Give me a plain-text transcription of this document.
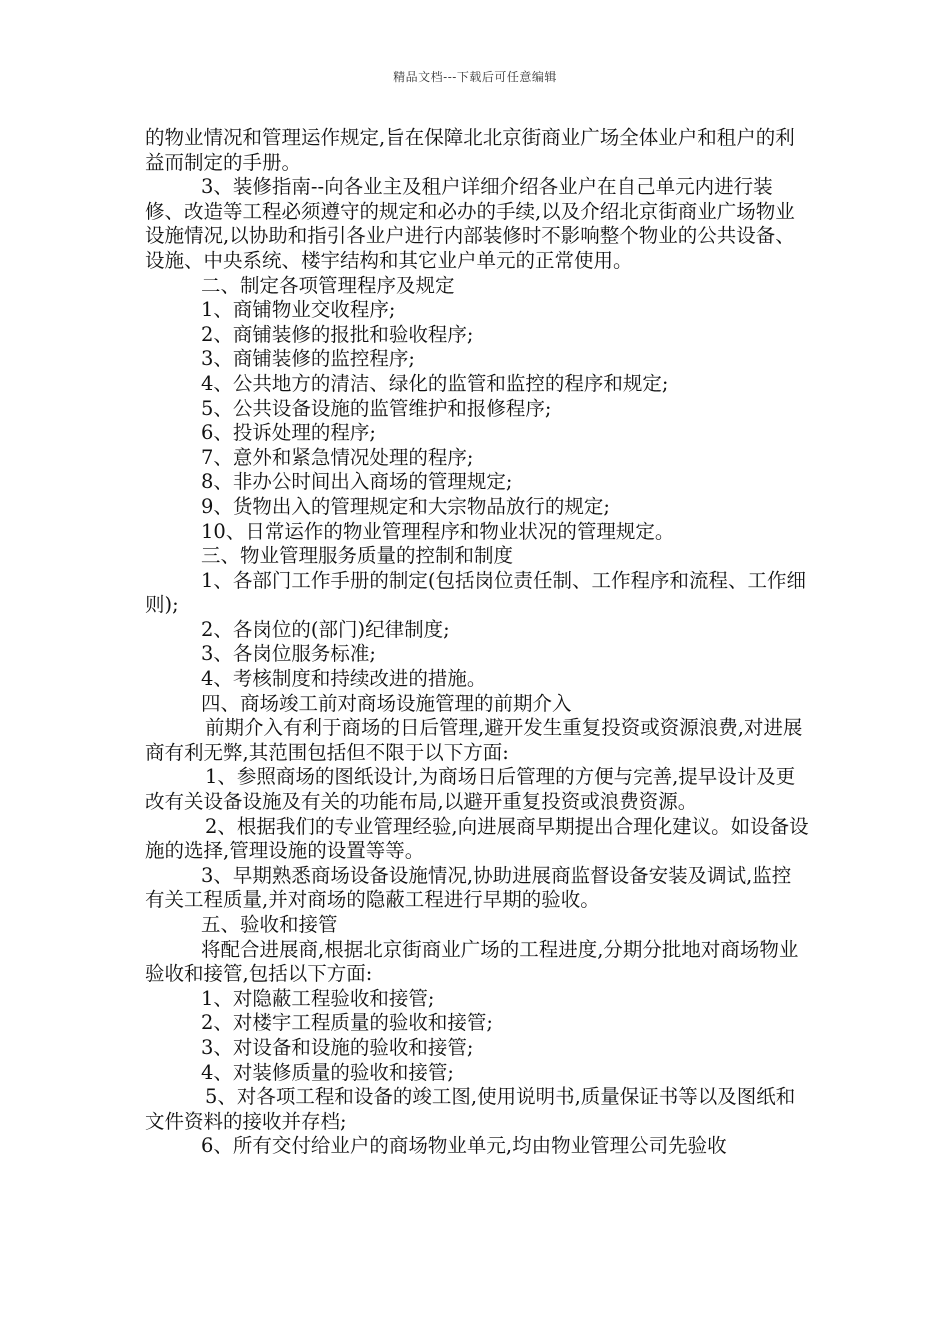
精品文档---下载后可任意编辑

的物业情况和管理运作规定,旨在保障北北京街商业广场全体业户和租户的利益而制定的手册。

3、装修指南--向各业主及租户详细介绍各业户在自己单元内进行装修、改造等工程必须遵守的规定和必办的手续,以及介绍北京街商业广场物业设施情况,以协助和指引各业户进行内部装修时不影响整个物业的公共设备、设施、中央系统、楼宇结构和其它业户单元的正常使用。

二、制定各项管理程序及规定

1、商铺物业交收程序;

2、商铺装修的报批和验收程序;

3、商铺装修的监控程序;

4、公共地方的清洁、绿化的监管和监控的程序和规定;

5、公共设备设施的监管维护和报修程序;

6、投诉处理的程序;

7、意外和紧急情况处理的程序;

8、非办公时间出入商场的管理规定;

9、货物出入的管理规定和大宗物品放行的规定;

10、日常运作的物业管理程序和物业状况的管理规定。

三、物业管理服务质量的控制和制度

1、各部门工作手册的制定(包括岗位责任制、工作程序和流程、工作细则);

2、各岗位的(部门)纪律制度;

3、各岗位服务标准;

4、考核制度和持续改进的措施。

四、商场竣工前对商场设施管理的前期介入

前期介入有利于商场的日后管理,避开发生重复投资或资源浪费,对进展商有利无弊,其范围包括但不限于以下方面:

1、参照商场的图纸设计,为商场日后管理的方便与完善,提早设计及更改有关设备设施及有关的功能布局,以避开重复投资或浪费资源。

2、根据我们的专业管理经验,向进展商早期提出合理化建议。如设备设施的选择,管理设施的设置等等。

3、早期熟悉商场设备设施情况,协助进展商监督设备安装及调试,监控有关工程质量,并对商场的隐蔽工程进行早期的验收。

五、验收和接管

将配合进展商,根据北京街商业广场的工程进度,分期分批地对商场物业验收和接管,包括以下方面:

1、对隐蔽工程验收和接管;

2、对楼宇工程质量的验收和接管;

3、对设备和设施的验收和接管;

4、对装修质量的验收和接管;

5、对各项工程和设备的竣工图,使用说明书,质量保证书等以及图纸和文件资料的接收并存档;

6、所有交付给业户的商场物业单元,均由物业管理公司先验收
